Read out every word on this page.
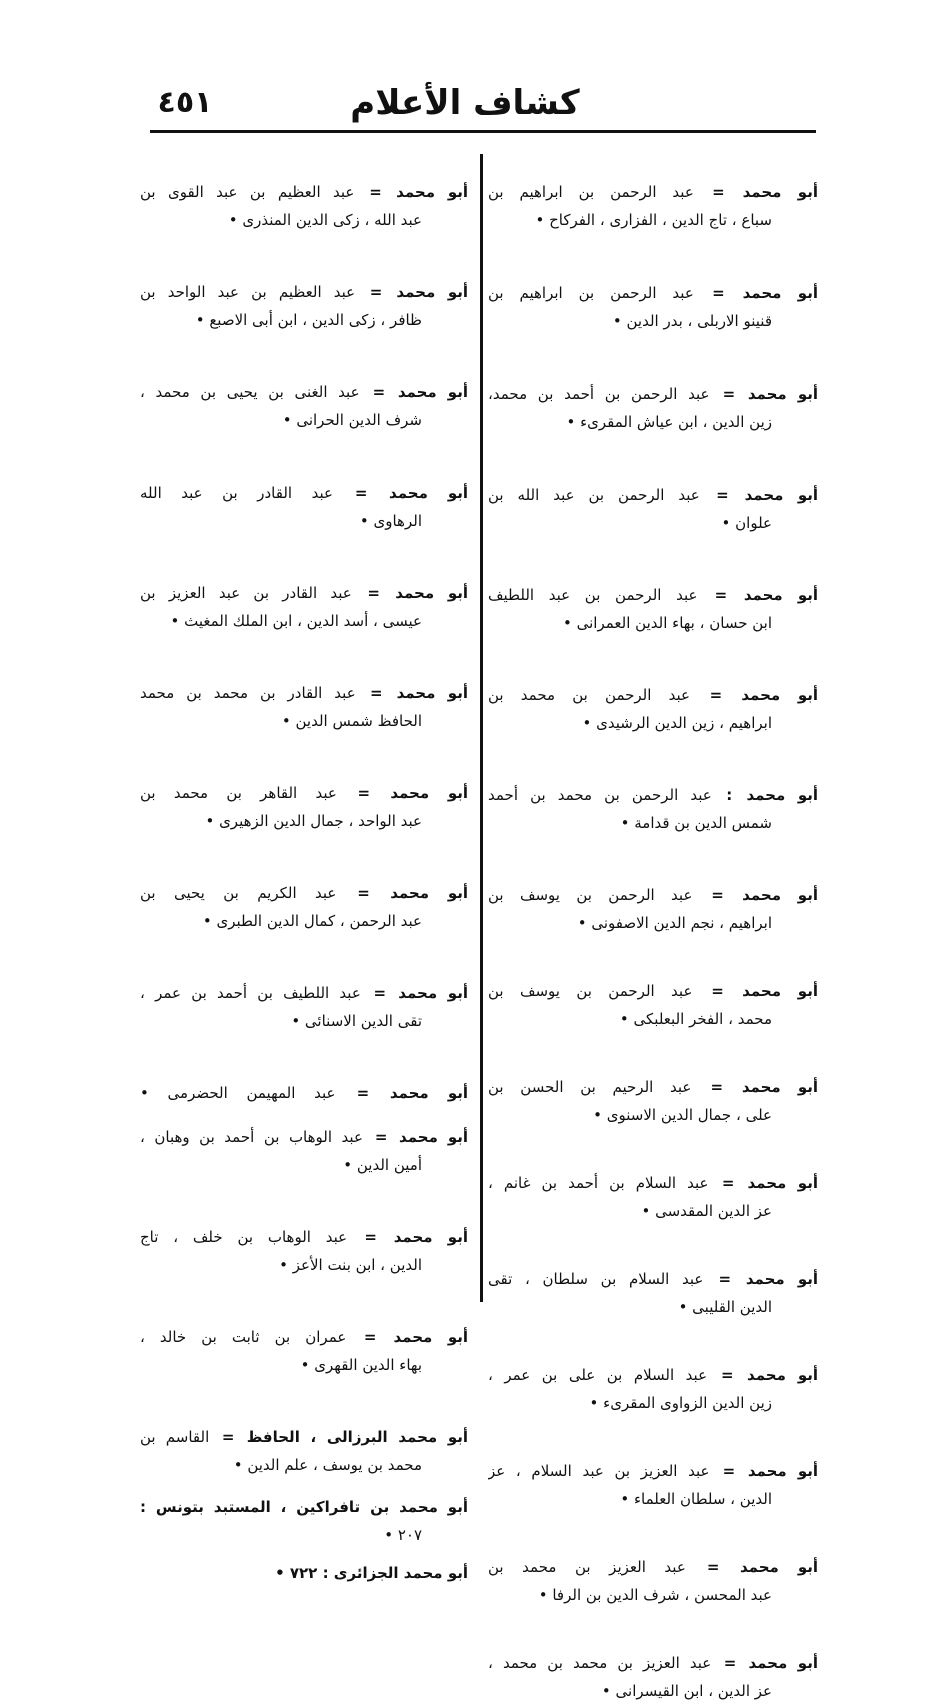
كشاف الأعلام
٤٥١
أبو محمد = عبد الرحمن بن ابراهيم بن
سباع ، تاج الدين ، الفزارى ، الفركاح •
أبو محمد = عبد الرحمن بن ابراهيم بن
قنينو الاربلى ، بدر الدين •
أبو محمد = عبد الرحمن بن أحمد بن محمد،
زين الدين ، ابن عياش المقرىء •
أبو محمد = عبد الرحمن بن عبد الله بن
علوان •
أبو محمد = عبد الرحمن بن عبد اللطيف
ابن حسان ، بهاء الدين العمرانى •
أبو محمد = عبد الرحمن بن محمد بن
ابراهيم ، زين الدين الرشيدى •
أبو محمد : عبد الرحمن بن محمد بن أحمد
شمس الدين بن قدامة •
أبو محمد = عبد الرحمن بن يوسف بن
ابراهيم ، نجم الدين الاصفونى •
أبو محمد = عبد الرحمن بن يوسف بن
محمد ، الفخر البعلبكى •
أبو محمد = عبد الرحيم بن الحسن بن
على ، جمال الدين الاسنوى •
أبو محمد = عبد السلام بن أحمد بن غانم ،
عز الدين المقدسى •
أبو محمد = عبد السلام بن سلطان ، تقى
الدين القليبى •
أبو محمد = عبد السلام بن على بن عمر ،
زين الدين الزواوى المقرىء •
أبو محمد = عبد العزيز بن عبد السلام ، عز
الدين ، سلطان العلماء •
أبو محمد = عبد العزيز بن محمد بن
عبد المحسن ، شرف الدين بن الرفا •
أبو محمد = عبد العزيز بن محمد بن محمد ،
عز الدين ، ابن القيسرانى •
أبو محمد = عبد العظيم بن عبد القوى بن
عبد الله ، زكى الدين المنذرى •
أبو محمد = عبد العظيم بن عبد الواحد بن
ظافر ، زكى الدين ، ابن أبى الاصبع •
أبو محمد = عبد الغنى بن يحيى بن محمد ،
شرف الدين الحرانى •
أبو محمد = عبد القادر بن عبد الله
الرهاوى •
أبو محمد = عبد القادر بن عبد العزيز بن
عيسى ، أسد الدين ، ابن الملك المغيث •
أبو محمد = عبد القادر بن محمد بن محمد
الحافظ شمس الدين •
أبو محمد = عبد القاهر بن محمد بن
عبد الواحد ، جمال الدين الزهيرى •
أبو محمد = عبد الكريم بن يحيى بن
عبد الرحمن ، كمال الدين الطبرى •
أبو محمد = عبد اللطيف بن أحمد بن عمر ،
تقى الدين الاسنائى •
أبو محمد = عبد المهيمن الحضرمى •
أبو محمد = عبد الوهاب بن أحمد بن وهبان ،
أمين الدين •
أبو محمد = عبد الوهاب بن خلف ، تاج
الدين ، ابن بنت الأعز •
أبو محمد = عمران بن ثابت بن خالد ،
بهاء الدين القهرى •
أبو محمد البرزالى ، الحافظ = القاسم بن
محمد بن يوسف ، علم الدين •
أبو محمد بن تافراكين ، المستبد بتونس :
٢٠٧ •
أبو محمد الجزائرى : ٧٢٢ •
